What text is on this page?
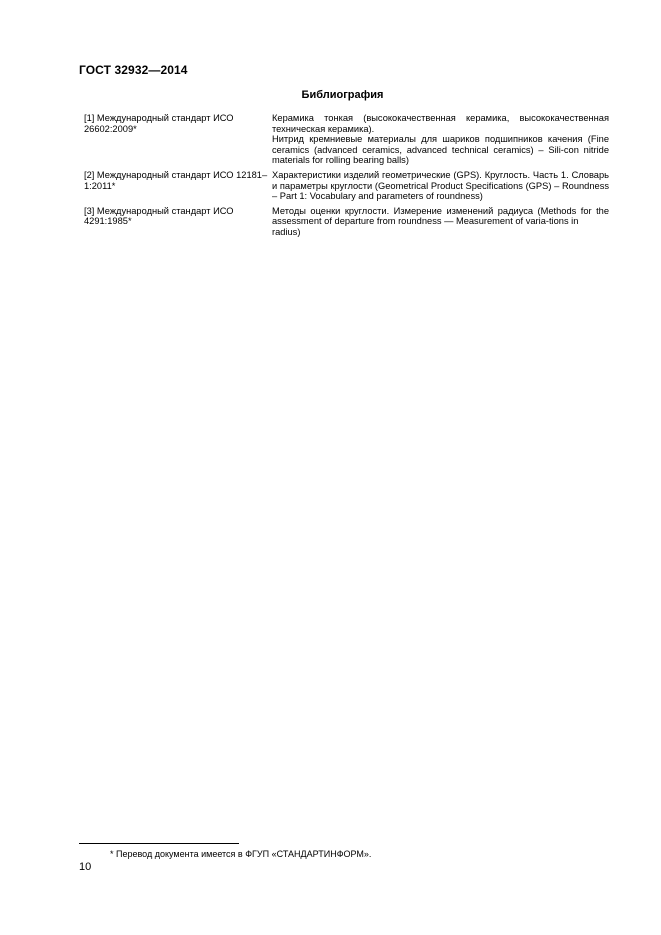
ГОСТ 32932—2014
Библиография
[1] Международный стандарт ИСО 26602:2009*
Керамика тонкая (высококачественная керамика, высококачественная техническая керамика).
Нитрид кремниевые материалы для шариков подшипников качения (Fine ceramics (advanced ceramics, advanced technical ceramics) – Sili-con nitride materials for rolling bearing balls)
[2] Международный стандарт ИСО 12181–1:2011*
Характеристики изделий геометрические (GPS). Круглость. Часть 1. Словарь и параметры круглости (Geometrical Product Specifications (GPS) – Roundness – Part 1: Vocabulary and parameters of roundness)
[3] Международный стандарт ИСО 4291:1985*
Методы оценки круглости. Измерение изменений радиуса (Methods for the assessment of departure from roundness — Measurement of varia-tions in
radius)
* Перевод документа имеется в ФГУП «СТАНДАРТИНФОРМ».
10
